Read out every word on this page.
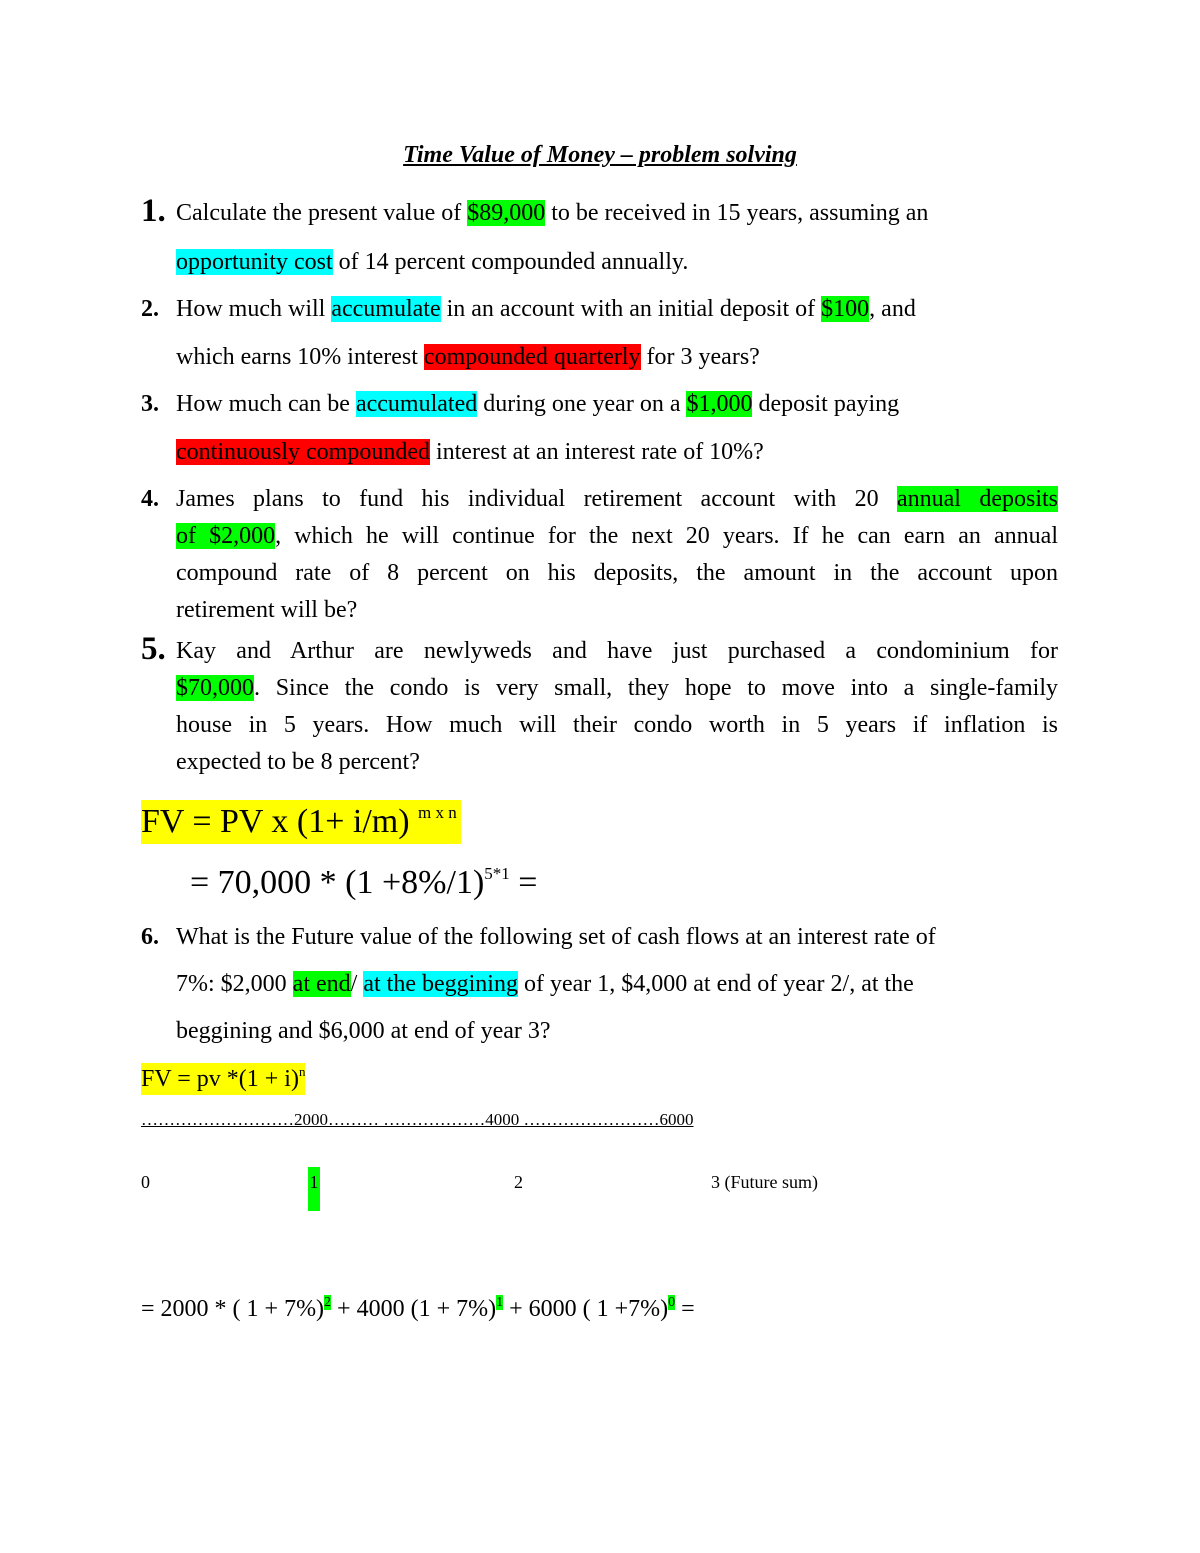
Time Value of Money – problem solving
1. Calculate the present value of $89,000 to be received in 15 years, assuming an
opportunity cost of 14 percent compounded annually.
2. How much will accumulate in an account with an initial deposit of $100, and
which earns 10% interest compounded quarterly for 3 years?
3. How much can be accumulated during one year on a $1,000 deposit paying
continuously compounded interest at an interest rate of 10%?
4. James plans to fund his individual retirement account with 20 annual deposits
of $2,000, which he will continue for the next 20 years. If he can earn an annual
compound rate of 8 percent on his deposits, the amount in the account upon
retirement will be?
5. Kay and Arthur are newlyweds and have just purchased a condominium for
$70,000. Since the condo is very small, they hope to move into a single-family
house in 5 years. How much will their condo worth in 5 years if inflation is
expected to be 8 percent?
FV = PV x (1+ i/m) $^{m x n}$
= $70,000 * (1 +8\%/1)^{5*1}$ =
6. What is the Future value of the following set of cash flows at an interest rate of
7%: $2,000 at end/ at the beggining of year 1, $4,000 at end of year 2/, at the
beggining and $6,000 at end of year 3?
FV = pv $*(1 + i)^n$
………………………2000……… ………………4000 ……………………6000
0	1	2	3 (Future sum)
= 2000 * ( 1 + 7%)$^2$ + 4000 $(1 + 7\%)^1 + 6000$ ( 1 +7%)$^0$ =
